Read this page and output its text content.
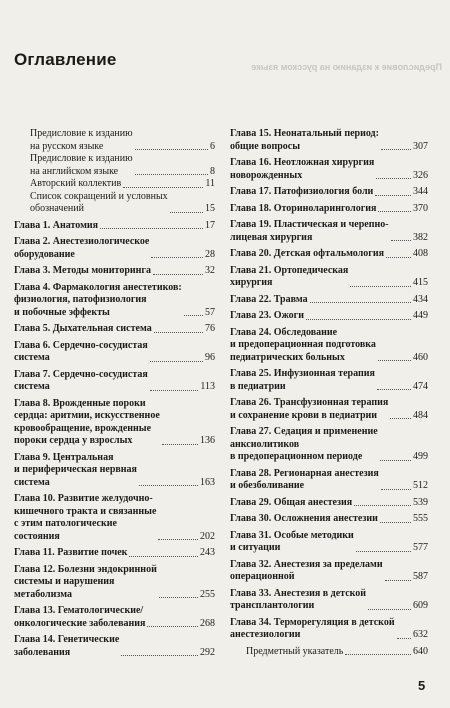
Предисловие к изданию на русском языке
Оглавление
Предисловие к изданию
на русском языке	6
Предисловие к изданию
на английском языке	8
Авторский коллектив	11
Список сокращений и условных
обозначений	15
Глава 1. Анатомия	17
Глава 2. Анестезиологическое
оборудование	28
Глава 3. Методы мониторинга	32
Глава 4. Фармакология анестетиков:
физиология, патофизиология
и побочные эффекты	57
Глава 5. Дыхательная система	76
Глава 6. Сердечно-сосудистая
система	96
Глава 7. Сердечно-сосудистая
система	113
Глава 8. Врожденные пороки
сердца: аритмии, искусственное
кровообращение, врожденные
пороки сердца у взрослых	136
Глава 9. Центральная
и периферическая нервная
система	163
Глава 10. Развитие желудочно-
кишечного тракта и связанные
с этим патологические
состояния	202
Глава 11. Развитие почек	243
Глава 12. Болезни эндокринной
системы и нарушения
метаболизма	255
Глава 13. Гематологические/
онкологические заболевания	268
Глава 14. Генетические
заболевания	292
Глава 15. Неонатальный период:
общие вопросы	307
Глава 16. Неотложная хирургия
новорожденных	326
Глава 17. Патофизиология боли	344
Глава 18. Оториноларингология	370
Глава 19. Пластическая и черепно-
лицевая хирургия	382
Глава 20. Детская офтальмология	408
Глава 21. Ортопедическая
хирургия	415
Глава 22. Травма	434
Глава 23. Ожоги	449
Глава 24. Обследование
и предоперационная подготовка
педиатрических больных	460
Глава 25. Инфузионная терапия
в педиатрии	474
Глава 26. Трансфузионная терапия
и сохранение крови в педиатрии	484
Глава 27. Седация и применение
анксиолитиков
в предоперационном периоде	499
Глава 28. Регионарная анестезия
и обезболивание	512
Глава 29. Общая анестезия	539
Глава 30. Осложнения анестезии	555
Глава 31. Особые методики
и ситуации	577
Глава 32. Анестезия за пределами
операционной	587
Глава 33. Анестезия в детской
трансплантологии	609
Глава 34. Терморегуляция в детской
анестезиологии	632
Предметный указатель	640
5
